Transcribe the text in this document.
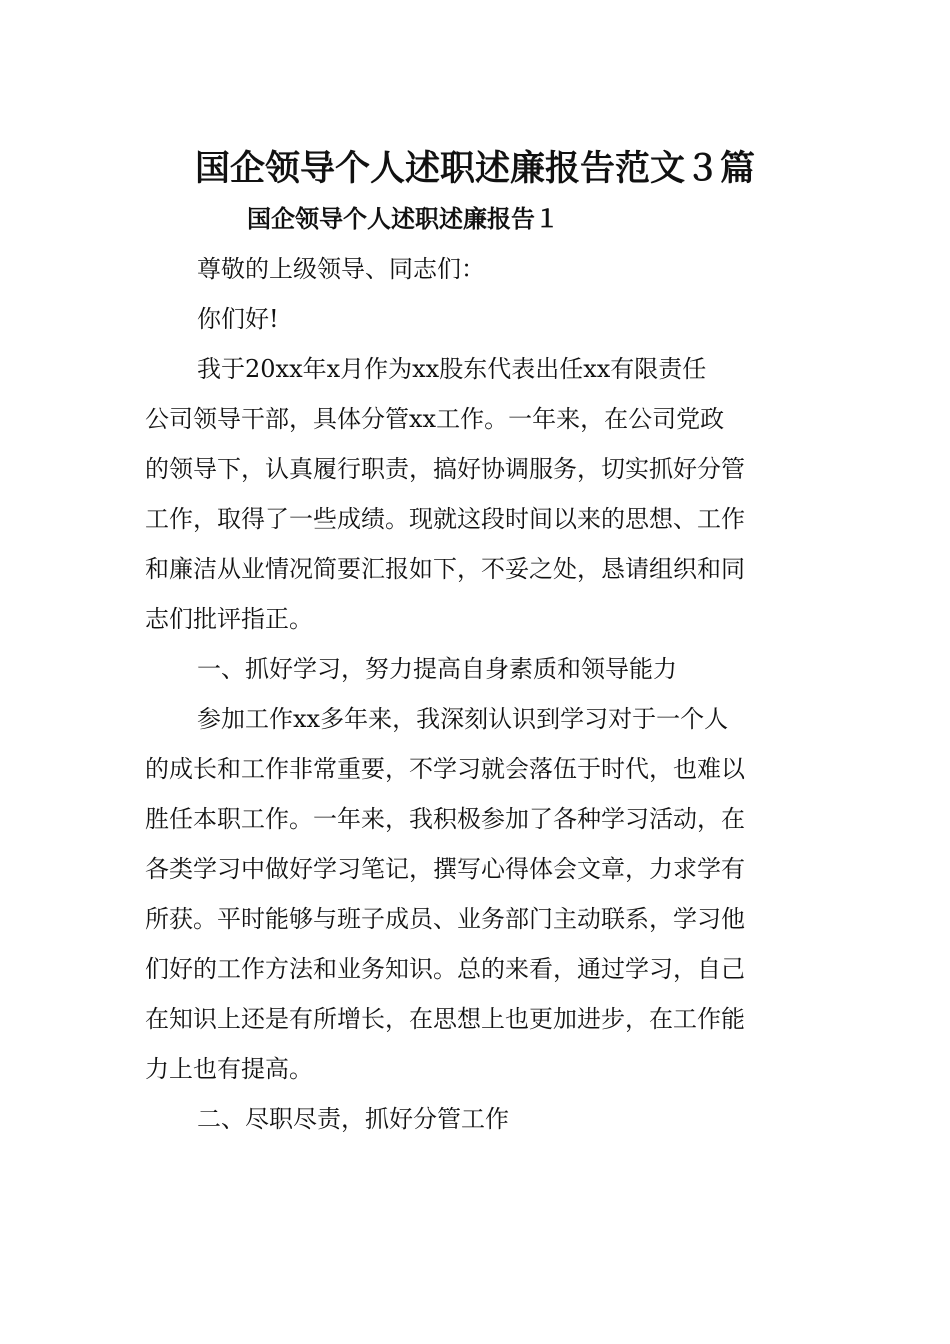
国企领导个人述职述廉报告范文３篇
国企领导个人述职述廉报告１
尊敬的上级领导、同志们：
你们好!
我于20xx年x月作为xx股东代表出任xx有限责任
公司领导干部，具体分管xx工作。一年来，在公司党政
的领导下，认真履行职责，搞好协调服务，切实抓好分管
工作，取得了一些成绩。现就这段时间以来的思想、工作
和廉洁从业情况简要汇报如下，不妥之处，恳请组织和同
志们批评指正。
一、抓好学习，努力提高自身素质和领导能力
参加工作xx多年来，我深刻认识到学习对于一个人
的成长和工作非常重要，不学习就会落伍于时代，也难以
胜任本职工作。一年来，我积极参加了各种学习活动，在
各类学习中做好学习笔记，撰写心得体会文章，力求学有
所获。平时能够与班子成员、业务部门主动联系，学习他
们好的工作方法和业务知识。总的来看，通过学习，自己
在知识上还是有所增长，在思想上也更加进步，在工作能
力上也有提高。
二、尽职尽责，抓好分管工作
